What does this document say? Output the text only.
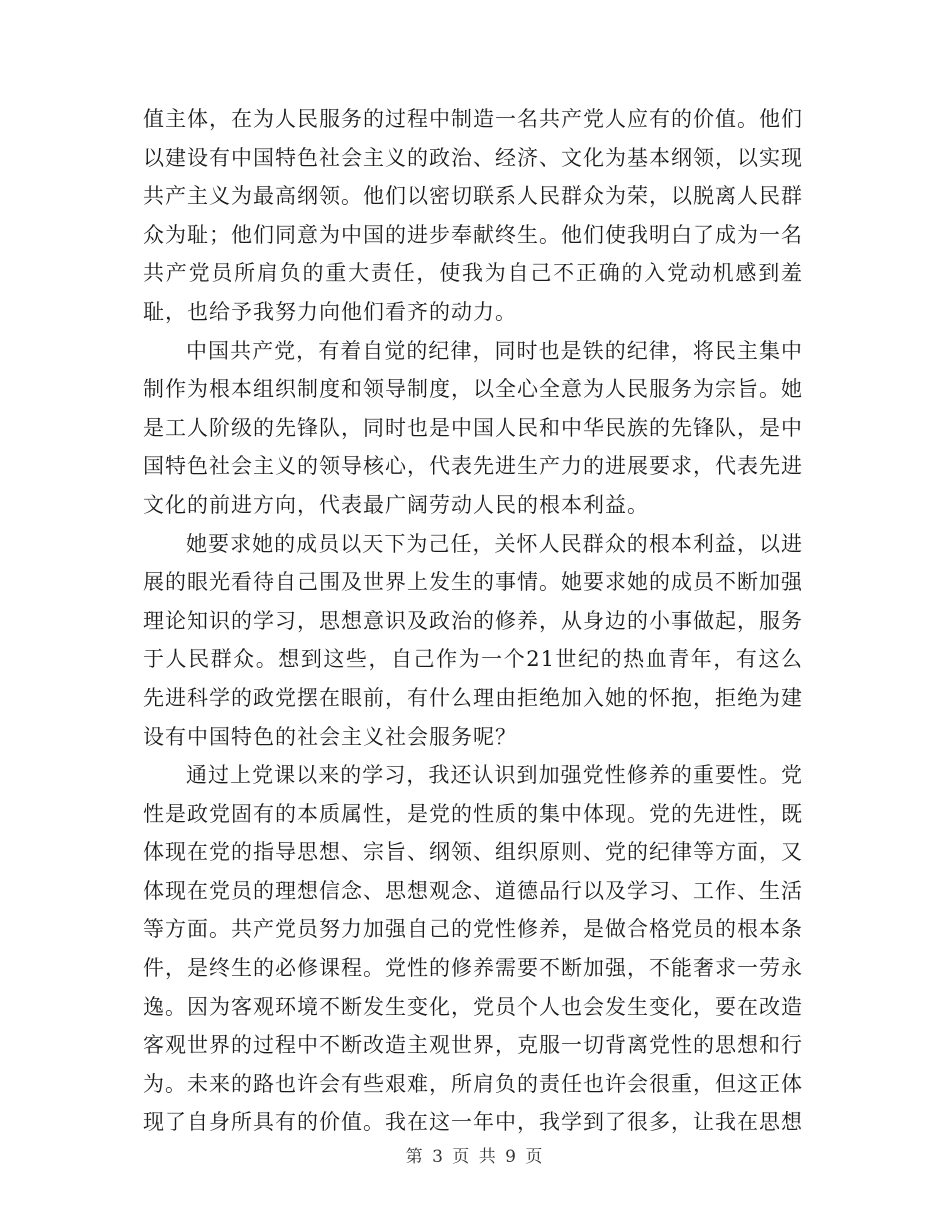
值主体，在为人民服务的过程中制造一名共产党人应有的价值。他们以建设有中国特色社会主义的政治、经济、文化为基本纲领，以实现共产主义为最高纲领。他们以密切联系人民群众为荣，以脱离人民群众为耻；他们同意为中国的进步奉献终生。他们使我明白了成为一名共产党员所肩负的重大责任，使我为自己不正确的入党动机感到羞耻，也给予我努力向他们看齐的动力。

中国共产党，有着自觉的纪律，同时也是铁的纪律，将民主集中制作为根本组织制度和领导制度，以全心全意为人民服务为宗旨。她是工人阶级的先锋队，同时也是中国人民和中华民族的先锋队，是中国特色社会主义的领导核心，代表先进生产力的进展要求，代表先进文化的前进方向，代表最广阔劳动人民的根本利益。

她要求她的成员以天下为己任，关怀人民群众的根本利益，以进展的眼光看待自己围及世界上发生的事情。她要求她的成员不断加强理论知识的学习，思想意识及政治的修养，从身边的小事做起，服务于人民群众。想到这些，自己作为一个21世纪的热血青年，有这么先进科学的政党摆在眼前，有什么理由拒绝加入她的怀抱，拒绝为建设有中国特色的社会主义社会服务呢？

通过上党课以来的学习，我还认识到加强党性修养的重要性。党性是政党固有的本质属性，是党的性质的集中体现。党的先进性，既体现在党的指导思想、宗旨、纲领、组织原则、党的纪律等方面，又体现在党员的理想信念、思想观念、道德品行以及学习、工作、生活等方面。共产党员努力加强自己的党性修养，是做合格党员的根本条件，是终生的必修课程。党性的修养需要不断加强，不能奢求一劳永逸。因为客观环境不断发生变化，党员个人也会发生变化，要在改造客观世界的过程中不断改造主观世界，克服一切背离党性的思想和行为。未来的路也许会有些艰难，所肩负的责任也许会很重，但这正体现了自身所具有的价值。我在这一年中，我学到了很多，让我在思想

第 3 页 共 9 页
